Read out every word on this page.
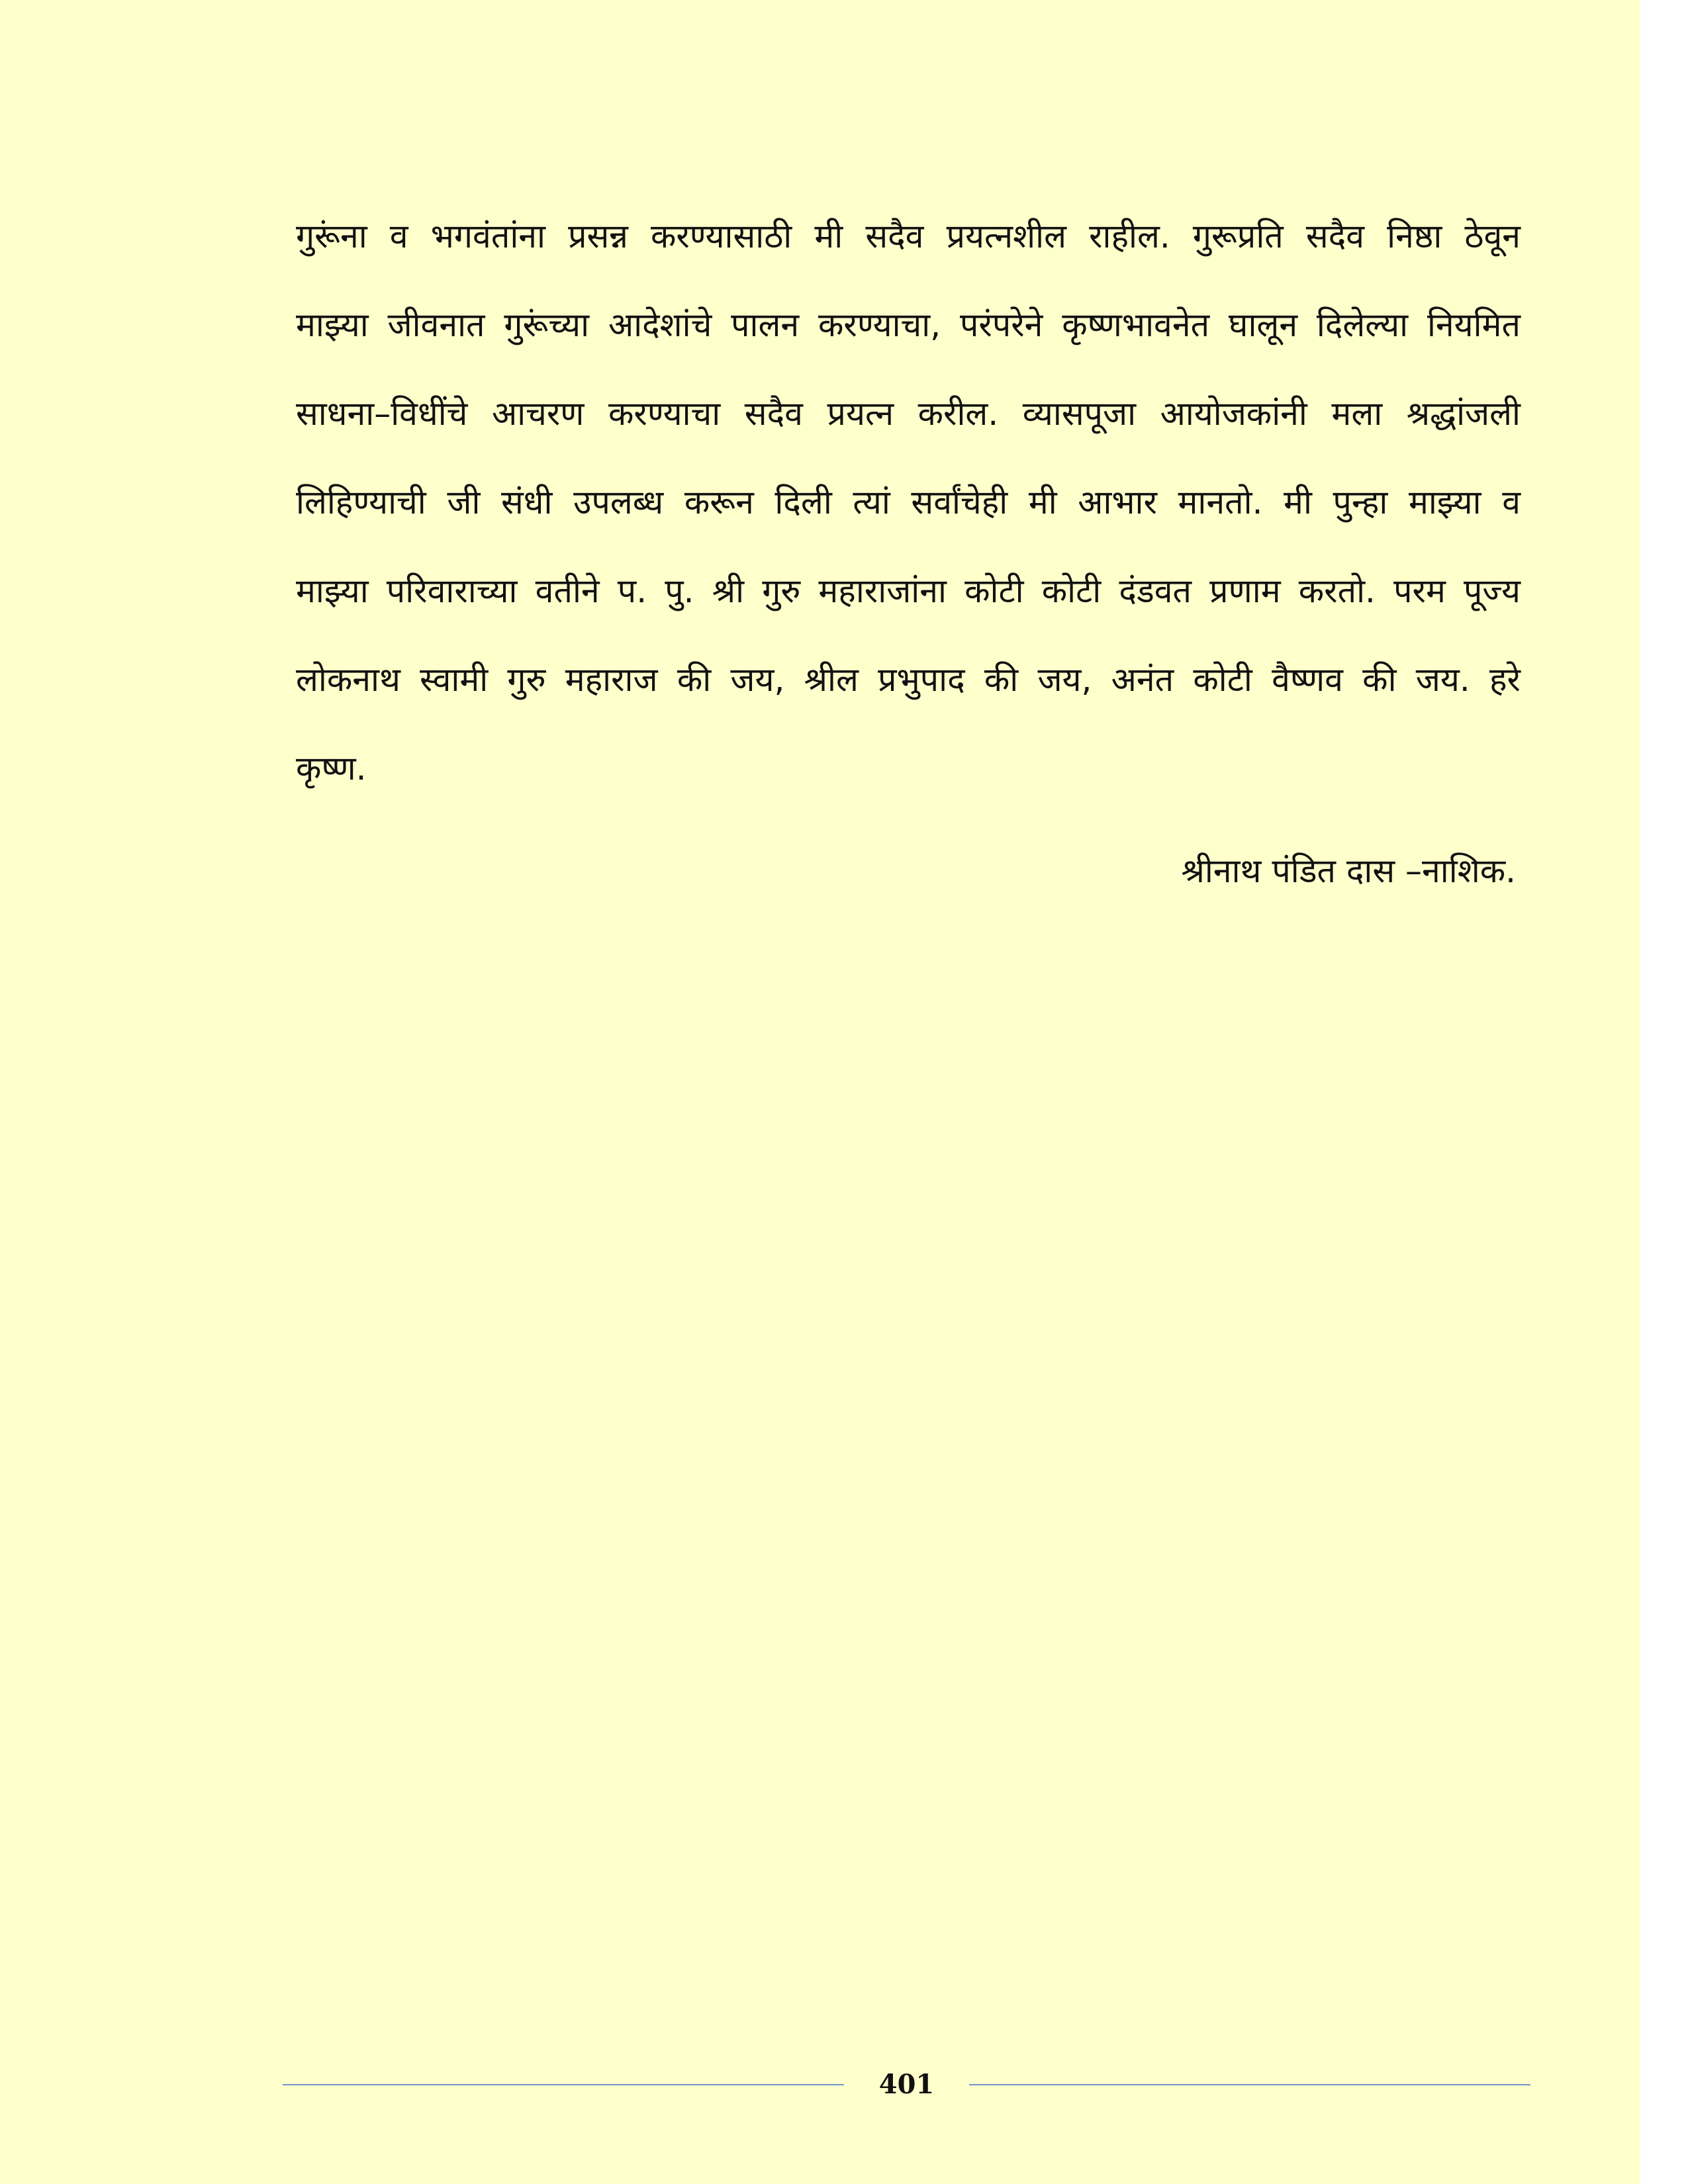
गुरूंना व भगवंतांना प्रसन्न करण्यासाठी मी सदैव प्रयत्नशील राहील. गुरूप्रति सदैव निष्ठा ठेवून
माझ्या जीवनात गुरूंच्या आदेशांचे पालन करण्याचा, परंपरेने कृष्णभावनेत घालून दिलेल्या नियमित
साधना–विधींचे आचरण करण्याचा सदैव प्रयत्न करील. व्यासपूजा आयोजकांनी मला श्रद्धांजली
लिहिण्याची जी संधी उपलब्ध करून दिली त्यां सर्वांचेही मी आभार मानतो. मी पुन्हा माझ्या व
माझ्या परिवाराच्या वतीने प. पु. श्री गुरु महाराजांना कोटी कोटी दंडवत प्रणाम करतो. परम पूज्य
लोकनाथ स्वामी गुरु महाराज की जय, श्रील प्रभुपाद की जय, अनंत कोटी वैष्णव की जय. हरे
कृष्ण.
श्रीनाथ पंडित दास –नाशिक.
401
